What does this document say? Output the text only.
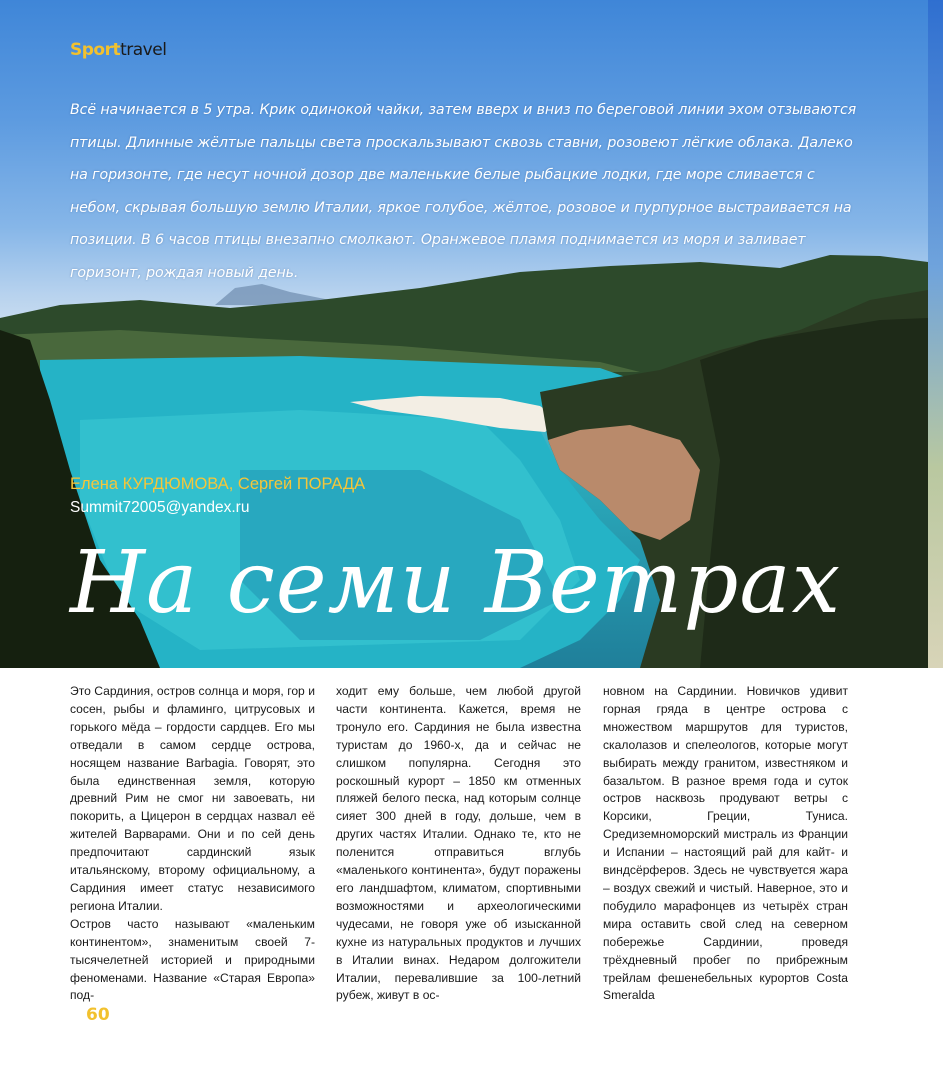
Sporttravel
Всё начинается в 5 утра. Крик одинокой чайки, затем вверх и вниз по береговой линии эхом отзываются птицы. Длинные жёлтые пальцы света проскальзывают сквозь ставни, розовеют лёгкие облака. Далеко на горизонте, где несут ночной дозор две маленькие белые рыбацкие лодки, где море сливается с небом, скрывая большую землю Италии, яркое голубое, жёлтое, розовое и пурпурное выстраивается на позиции. В 6 часов птицы внезапно смолкают. Оранжевое пламя поднимается из моря и заливает горизонт, рождая новый день.
Елена КУРДЮМОВА, Сергей ПОРАДА
Summit72005@yandex.ru
На семи Ветрах

Это Сардиния, остров солнца и моря, гор и сосен, рыбы и фламинго, цитрусовых и горького мёда – гордости сардцев. Его мы отведали в самом сердце острова, носящем название Barbagia. Говорят, это была единственная земля, которую древний Рим не смог ни завоевать, ни покорить, а Цицерон в сердцах назвал её жителей Варварами. Они и по сей день предпочитают сардинский язык итальянскому, второму официальному, а Сардиния имеет статус независимого региона Италии.

Остров часто называют «маленьким континентом», знаменитым своей 7-тысячелетней историей и природными феноменами. Название «Старая Европа» под-

ходит ему больше, чем любой другой части континента. Кажется, время не тронуло его. Сардиния не была известна туристам до 1960-х, да и сейчас не слишком популярна. Сегодня это роскошный курорт – 1850 км отменных пляжей белого песка, над которым солнце сияет 300 дней в году, дольше, чем в других частях Италии. Однако те, кто не поленится отправиться вглубь «маленького континента», будут поражены его ландшафтом, климатом, спортивными возможностями и археологическими чудесами, не говоря уже об изысканной кухне из натуральных продуктов и лучших в Италии винах. Недаром долгожители Италии, перевалившие за 100-летний рубеж, живут в ос-

новном на Сардинии. Новичков удивит горная гряда в центре острова с множеством маршрутов для туристов, скалолазов и спелеологов, которые могут выбирать между гранитом, известняком и базальтом. В разное время года и суток остров насквозь продувают ветры с Корсики, Греции, Туниса. Средиземноморский мистраль из Франции и Испании – настоящий рай для кайт- и виндсёрферов. Здесь не чувствуется жара – воздух свежий и чистый. Наверное, это и побудило марафонцев из четырёх стран мира оставить свой след на северном побережье Сардинии, проведя трёхдневный пробег по прибрежным трейлам фешенебельных курортов Costa Smeralda

60
